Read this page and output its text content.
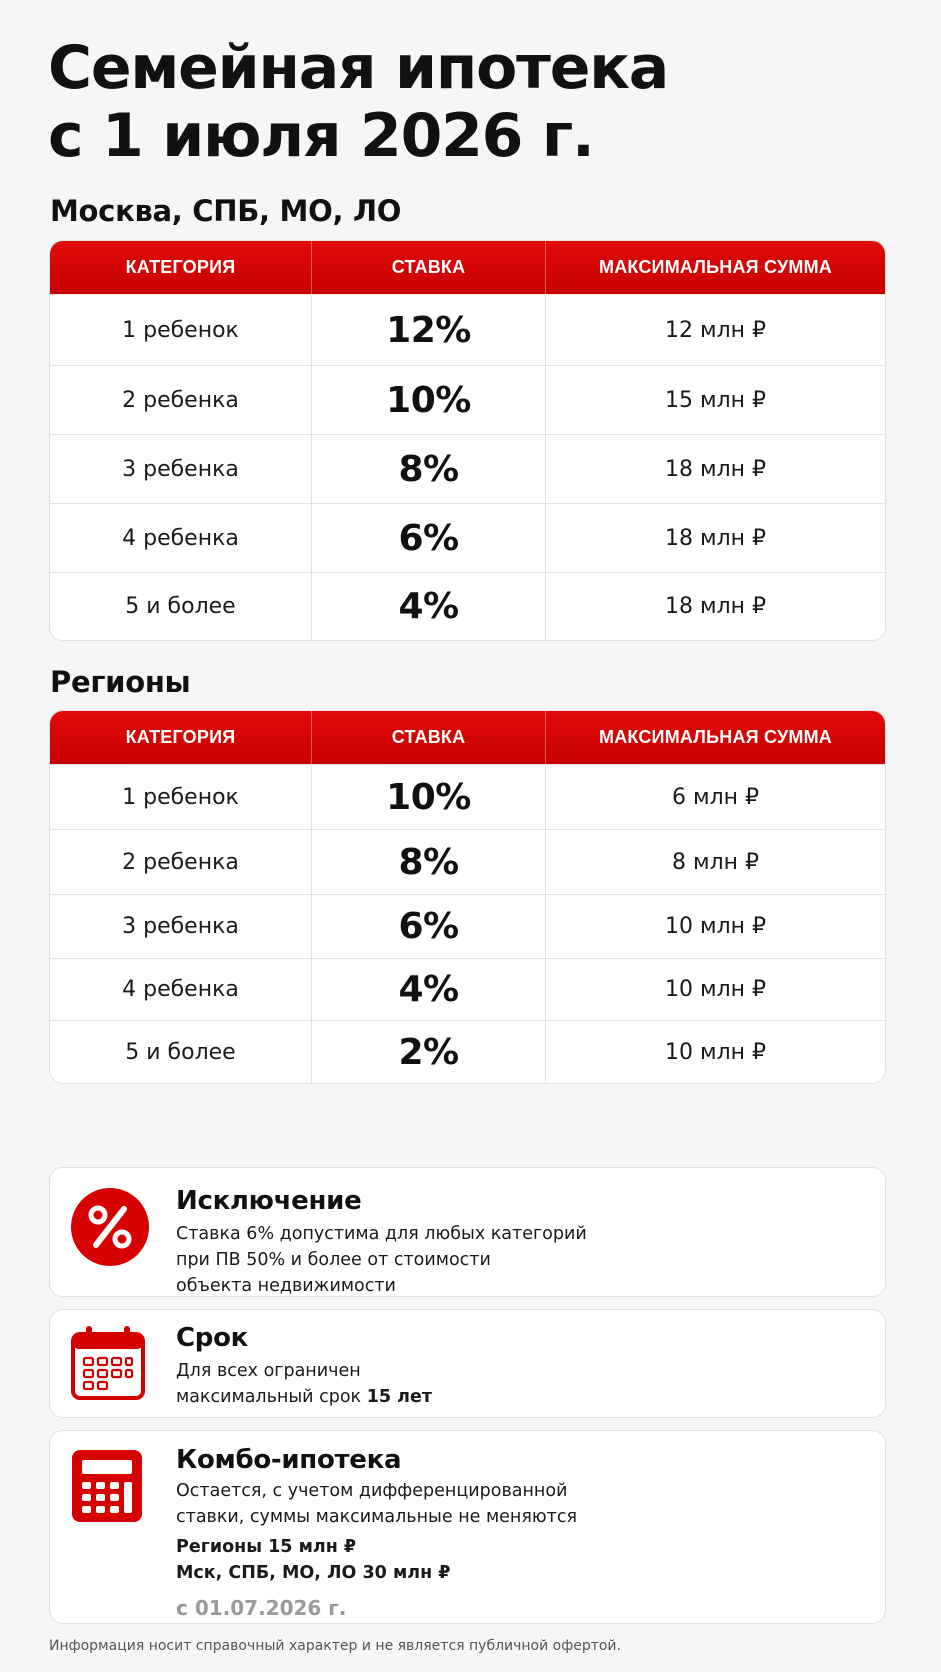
Семейная ипотека
с 1 июля 2026 г.
Москва, СПБ, МО, ЛО
КАТЕГОРИЯ	СТАВКА	МАКСИМАЛЬНАЯ СУММА
1 ребенок	12%	12 млн ₽
2 ребенка	10%	15 млн ₽
3 ребенка	8%	18 млн ₽
4 ребенка	6%	18 млн ₽
5 и более	4%	18 млн ₽
Регионы
КАТЕГОРИЯ	СТАВКА	МАКСИМАЛЬНАЯ СУММА
1 ребенок	10%	6 млн ₽
2 ребенка	8%	8 млн ₽
3 ребенка	6%	10 млн ₽
4 ребенка	4%	10 млн ₽
5 и более	2%	10 млн ₽
Исключение
Ставка 6% допустима для любых категорий
при ПВ 50% и более от стоимости
объекта недвижимости
Срок
Для всех ограничен
максимальный срок 15 лет
Комбо-ипотека
Остается, с учетом дифференцированной
ставки, суммы максимальные не меняются
Регионы 15 млн ₽
Мск, СПБ, МО, ЛО 30 млн ₽
с 01.07.2026 г.
Информация носит справочный характер и не является публичной офертой.
